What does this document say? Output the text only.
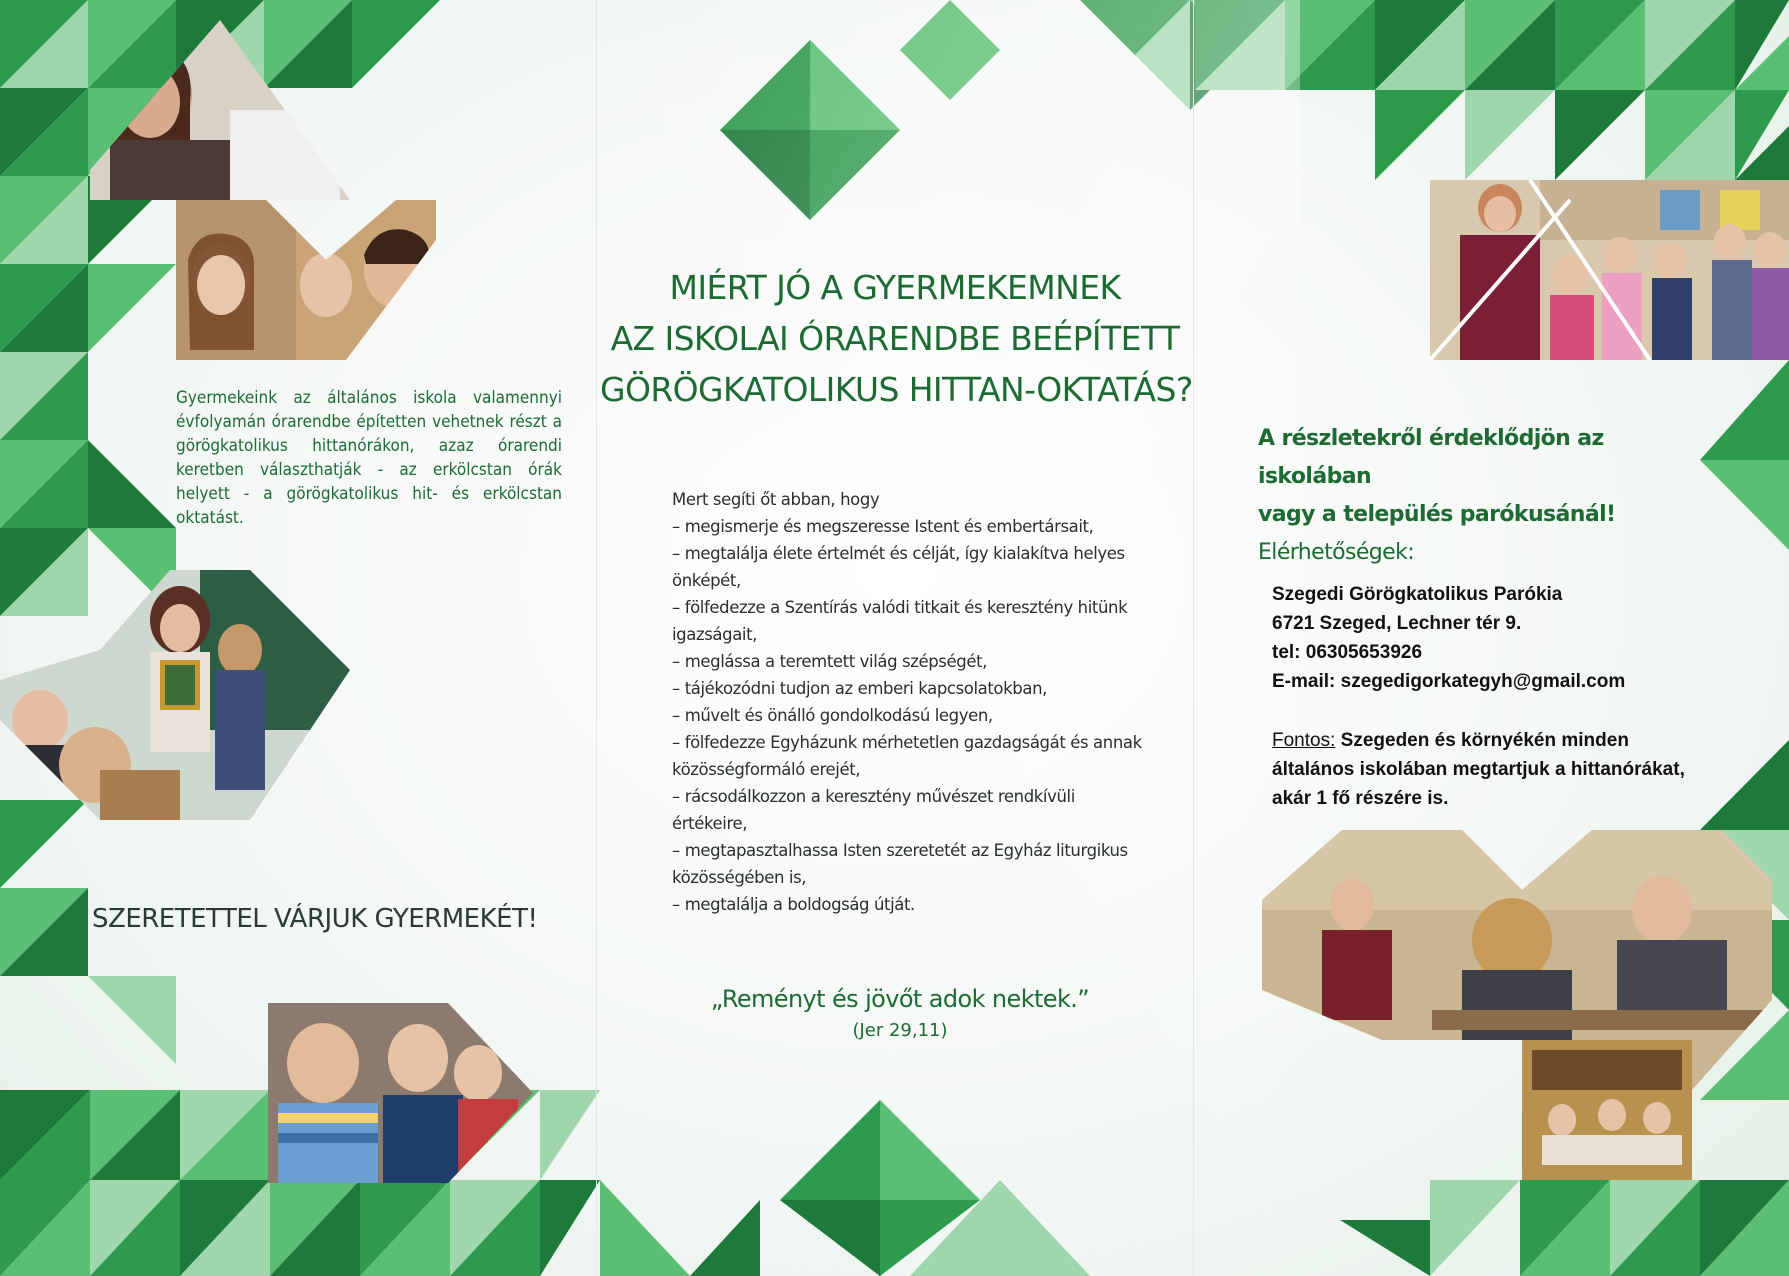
Gyermekeink az általános iskola valamennyi évfolyamán órarendbe építetten vehetnek részt a görögkatolikus hittanórákon, azaz órarendi keretben választhatják - az erkölcstan órák helyett - a görögkatolikus hit- és erkölcstan oktatást.
SZERETETTEL VÁRJUK GYERMEKÉT!
MIÉRT JÓ A GYERMEKEMNEK
AZ ISKOLAI ÓRARENDBE BEÉPÍTETT
GÖRÖGKATOLIKUS HITTAN-OKTATÁS?
Mert segíti őt abban, hogy
– megismerje és megszeresse Istent és embertársait,
– megtalálja élete értelmét és célját, így kialakítva helyes önképét,
– fölfedezze a Szentírás valódi titkait és keresztény hitünk igazságait,
– meglássa a teremtett világ szépségét,
– tájékozódni tudjon az emberi kapcsolatokban,
– művelt és önálló gondolkodású legyen,
– fölfedezze Egyházunk mérhetetlen gazdagságát és annak közösségformáló erejét,
– rácsodálkozzon a keresztény művészet rendkívüli értékeire,
– megtapasztalhassa Isten szeretetét az Egyház liturgikus közösségében is,
– megtalálja a boldogság útját.
„Reményt és jövőt adok nektek.”
(Jer 29,11)
A részletekről érdeklődjön az iskolában
vagy a település parókusánál!
Elérhetőségek:
Szegedi Görögkatolikus Parókia
6721 Szeged, Lechner tér 9.
tel: 06305653926
E-mail: szegedigorkategyh@gmail.com
Fontos: Szegeden és környékén minden általános iskolában megtartjuk a hittanórákat, akár 1 fő részére is.
